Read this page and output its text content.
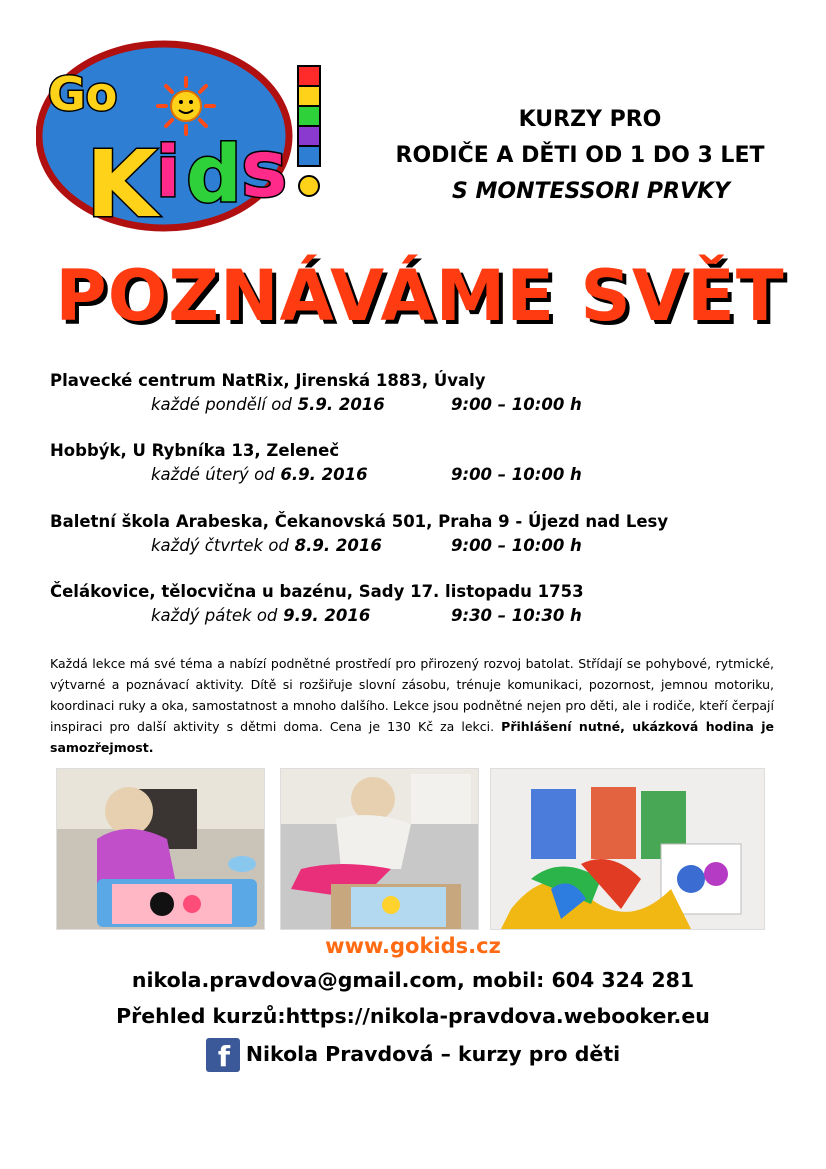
Go
K
i d s
KURZY PRO
RODIČE A DĚTI OD 1 DO 3 LET
S MONTESSORI PRVKY
POZNÁVÁME SVĚT
Plavecké centrum NatRix, Jirenská 1883, Úvaly
každé pondělí od 5.9. 2016	9:00 – 10:00 h
Hobbýk, U Rybníka 13, Zeleneč
každé úterý od 6.9. 2016	9:00 – 10:00 h
Baletní škola Arabeska, Čekanovská 501, Praha 9 - Újezd nad Lesy
každý čtvrtek od 8.9. 2016	9:00 – 10:00 h
Čelákovice, tělocvična u bazénu, Sady 17. listopadu 1753
každý pátek od 9.9. 2016	9:30 – 10:30 h
Každá lekce má své téma a nabízí podnětné prostředí pro přirozený rozvoj batolat. Střídají se pohybové, rytmické, výtvarné a poznávací aktivity. Dítě si rozšiřuje slovní zásobu, trénuje komunikaci, pozornost, jemnou motoriku, koordinaci ruky a oka, samostatnost a mnoho dalšího. Lekce jsou podnětné nejen pro děti, ale i rodiče, kteří čerpají inspiraci pro další aktivity s dětmi doma. Cena je 130 Kč za lekci. Přihlášení nutné, ukázková hodina je samozřejmost.
www.gokids.cz
nikola.pravdova@gmail.com, mobil: 604 324 281
Přehled kurzů:https://nikola-pravdova.webooker.eu
f Nikola Pravdová – kurzy pro děti
